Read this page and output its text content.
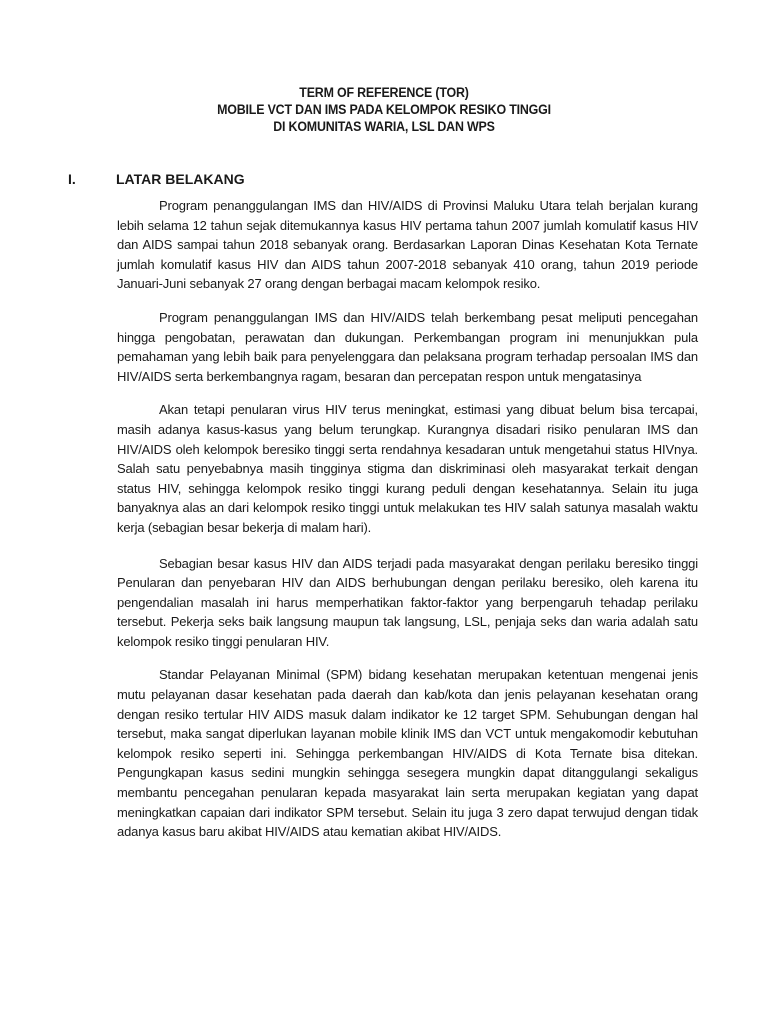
TERM OF REFERENCE (TOR)
MOBILE VCT DAN IMS PADA KELOMPOK RESIKO TINGGI
DI KOMUNITAS WARIA, LSL DAN WPS
I.	LATAR BELAKANG

Program penanggulangan IMS dan HIV/AIDS di Provinsi Maluku Utara telah berjalan kurang lebih selama 12 tahun sejak ditemukannya kasus HIV pertama tahun 2007 jumlah komulatif kasus HIV dan AIDS sampai tahun 2018 sebanyak orang. Berdasarkan Laporan Dinas Kesehatan Kota Ternate jumlah komulatif kasus HIV dan AIDS tahun 2007-2018 sebanyak 410 orang, tahun 2019 periode Januari-Juni sebanyak 27 orang dengan berbagai macam kelompok resiko.

Program penanggulangan IMS dan HIV/AIDS telah berkembang pesat meliputi pencegahan hingga pengobatan, perawatan dan dukungan. Perkembangan program ini menunjukkan pula pemahaman yang lebih baik para penyelenggara dan pelaksana program terhadap persoalan IMS dan HIV/AIDS serta berkembangnya ragam, besaran dan percepatan respon untuk mengatasinya

Akan tetapi penularan virus HIV terus meningkat, estimasi yang dibuat belum bisa tercapai, masih adanya kasus-kasus yang belum terungkap. Kurangnya disadari risiko penularan IMS dan HIV/AIDS oleh kelompok beresiko tinggi serta rendahnya kesadaran untuk mengetahui status HIVnya. Salah satu penyebabnya masih tingginya stigma dan diskriminasi oleh masyarakat terkait dengan status HIV, sehingga kelompok resiko tinggi kurang peduli dengan kesehatannya. Selain itu juga banyaknya alas an dari kelompok resiko tinggi untuk melakukan tes HIV salah satunya masalah waktu kerja (sebagian besar bekerja di malam hari).

Sebagian besar kasus HIV dan AIDS terjadi pada masyarakat dengan perilaku beresiko tinggi Penularan dan penyebaran HIV dan AIDS berhubungan dengan perilaku beresiko, oleh karena itu pengendalian masalah ini harus memperhatikan faktor-faktor yang berpengaruh tehadap perilaku tersebut. Pekerja seks baik langsung maupun tak langsung, LSL, penjaja seks dan waria adalah satu kelompok resiko tinggi penularan HIV.

Standar Pelayanan Minimal (SPM) bidang kesehatan merupakan ketentuan mengenai jenis mutu pelayanan dasar kesehatan pada daerah dan kab/kota dan jenis pelayanan kesehatan orang dengan resiko tertular HIV AIDS masuk dalam indikator ke 12 target SPM. Sehubungan dengan hal tersebut, maka sangat diperlukan layanan mobile klinik IMS dan VCT untuk mengakomodir kebutuhan kelompok resiko seperti ini. Sehingga perkembangan HIV/AIDS di Kota Ternate bisa ditekan. Pengungkapan kasus sedini mungkin sehingga sesegera mungkin dapat ditanggulangi sekaligus membantu pencegahan penularan kepada masyarakat lain serta merupakan kegiatan yang dapat meningkatkan capaian dari indikator SPM tersebut. Selain itu juga 3 zero dapat terwujud dengan tidak adanya kasus baru akibat HIV/AIDS atau kematian akibat HIV/AIDS.
